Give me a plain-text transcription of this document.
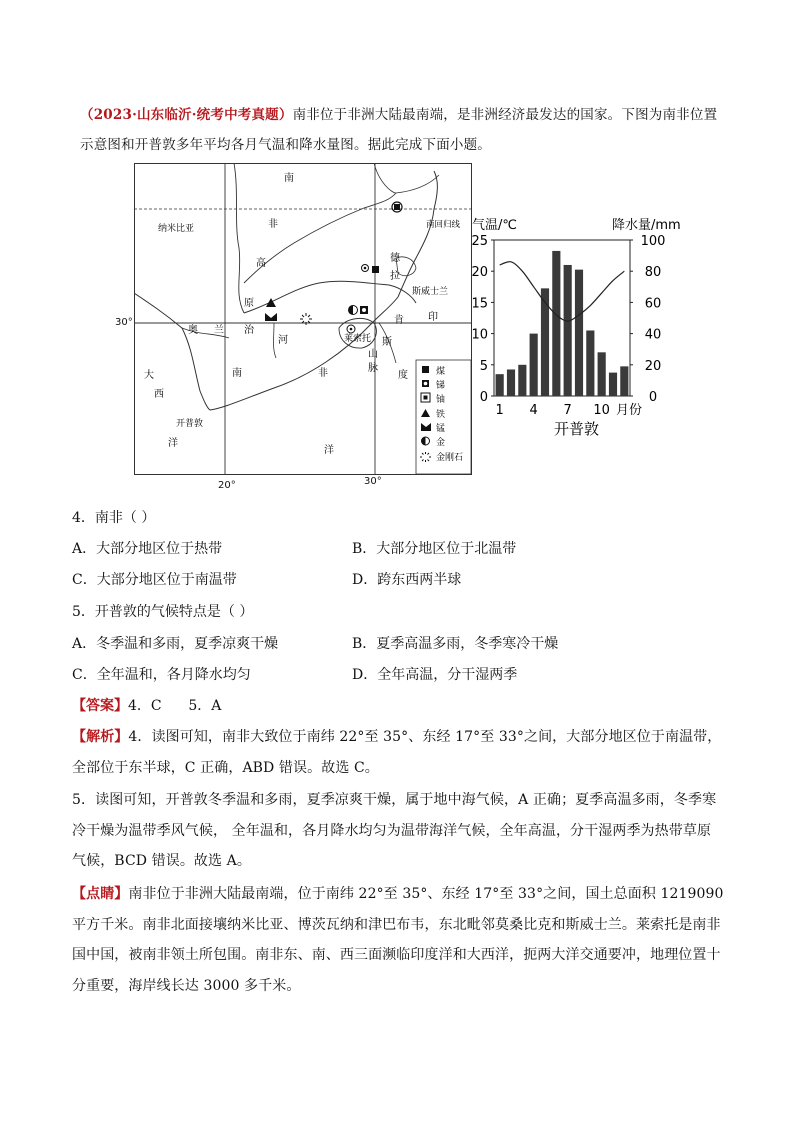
（2023·山东临沂·统考中考真题）南非位于非洲大陆最南端，是非洲经济最发达的国家。下图为南非位置示意图和开普敦多年平均各月气温和降水量图。据此完成下面小题。
南
纳米比亚	非
高
原
奥 兰 治
河
德
拉
肯
斯
山
脉
斯威士兰
莱索托
印
度
大
西
洋
开普敦
南	非
洋
南回归线
煤
锑
铀
铁
锰
金
金刚石
30°
20°	30°
气温/℃	降水量/mm
0
5
10
15
20
25
0
20
40
60
80
100
1 4 7 10 月份
开普敦
4．南非（ ）
A．大部分地区位于热带	B．大部分地区位于北温带
C．大部分地区位于南温带	D．跨东西两半球
5．开普敦的气候特点是（ ）
A．冬季温和多雨，夏季凉爽干燥	B．夏季高温多雨，冬季寒冷干燥
C．全年温和，各月降水均匀	D．全年高温，分干湿两季
【答案】4．C      5．A
【解析】4．读图可知，南非大致位于南纬 22°至 35°、东经 17°至 33°之间，大部分地区位于南温带，全部位于东半球，C 正确，ABD 错误。故选 C。
5．读图可知，开普敦冬季温和多雨，夏季凉爽干燥，属于地中海气候，A 正确；夏季高温多雨，冬季寒冷干燥为温带季风气候， 全年温和，各月降水均匀为温带海洋气候，全年高温，分干湿两季为热带草原气候，BCD 错误。故选 A。
【点睛】南非位于非洲大陆最南端，位于南纬 22°至 35°、东经 17°至 33°之间，国土总面积 1219090 平方千米。南非北面接壤纳米比亚、博茨瓦纳和津巴布韦，东北毗邻莫桑比克和斯威士兰。莱索托是南非国中国，被南非领土所包围。南非东、南、西三面濒临印度洋和大西洋，扼两大洋交通要冲，地理位置十分重要，海岸线长达 3000 多千米。
